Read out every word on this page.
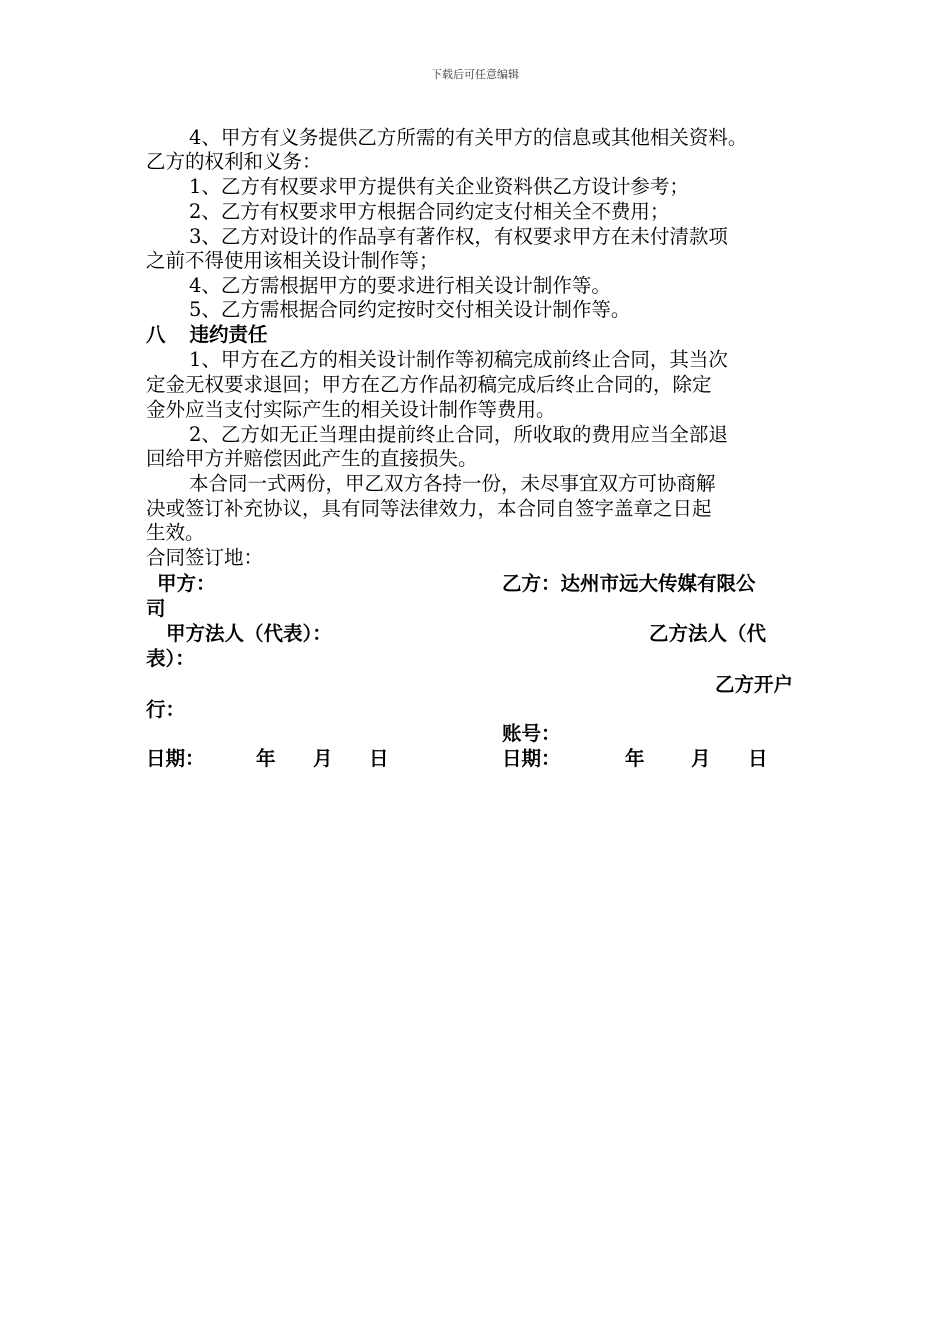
下载后可任意编辑
4、甲方有义务提供乙方所需的有关甲方的信息或其他相关资料。
乙方的权利和义务：
1、乙方有权要求甲方提供有关企业资料供乙方设计参考；
2、乙方有权要求甲方根据合同约定支付相关全不费用；
3、乙方对设计的作品享有著作权，有权要求甲方在未付清款项
之前不得使用该相关设计制作等；
4、乙方需根据甲方的要求进行相关设计制作等。
5、乙方需根据合同约定按时交付相关设计制作等。
八 违约责任
1、甲方在乙方的相关设计制作等初稿完成前终止合同，其当次
定金无权要求退回；甲方在乙方作品初稿完成后终止合同的，除定
金外应当支付实际产生的相关设计制作等费用。
2、乙方如无正当理由提前终止合同，所收取的费用应当全部退
回给甲方并赔偿因此产生的直接损失。
本合同一式两份，甲乙双方各持一份，未尽事宜双方可协商解
决或签订补充协议，具有同等法律效力，本合同自签字盖章之日起
生效。
合同签订地：
甲方：	乙方：达州市远大传媒有限公
司
甲方法人（代表）：	乙方法人（代
表）：
乙方开户
行：
账号：
日期：	年 月 日	日期：	年 月 日
